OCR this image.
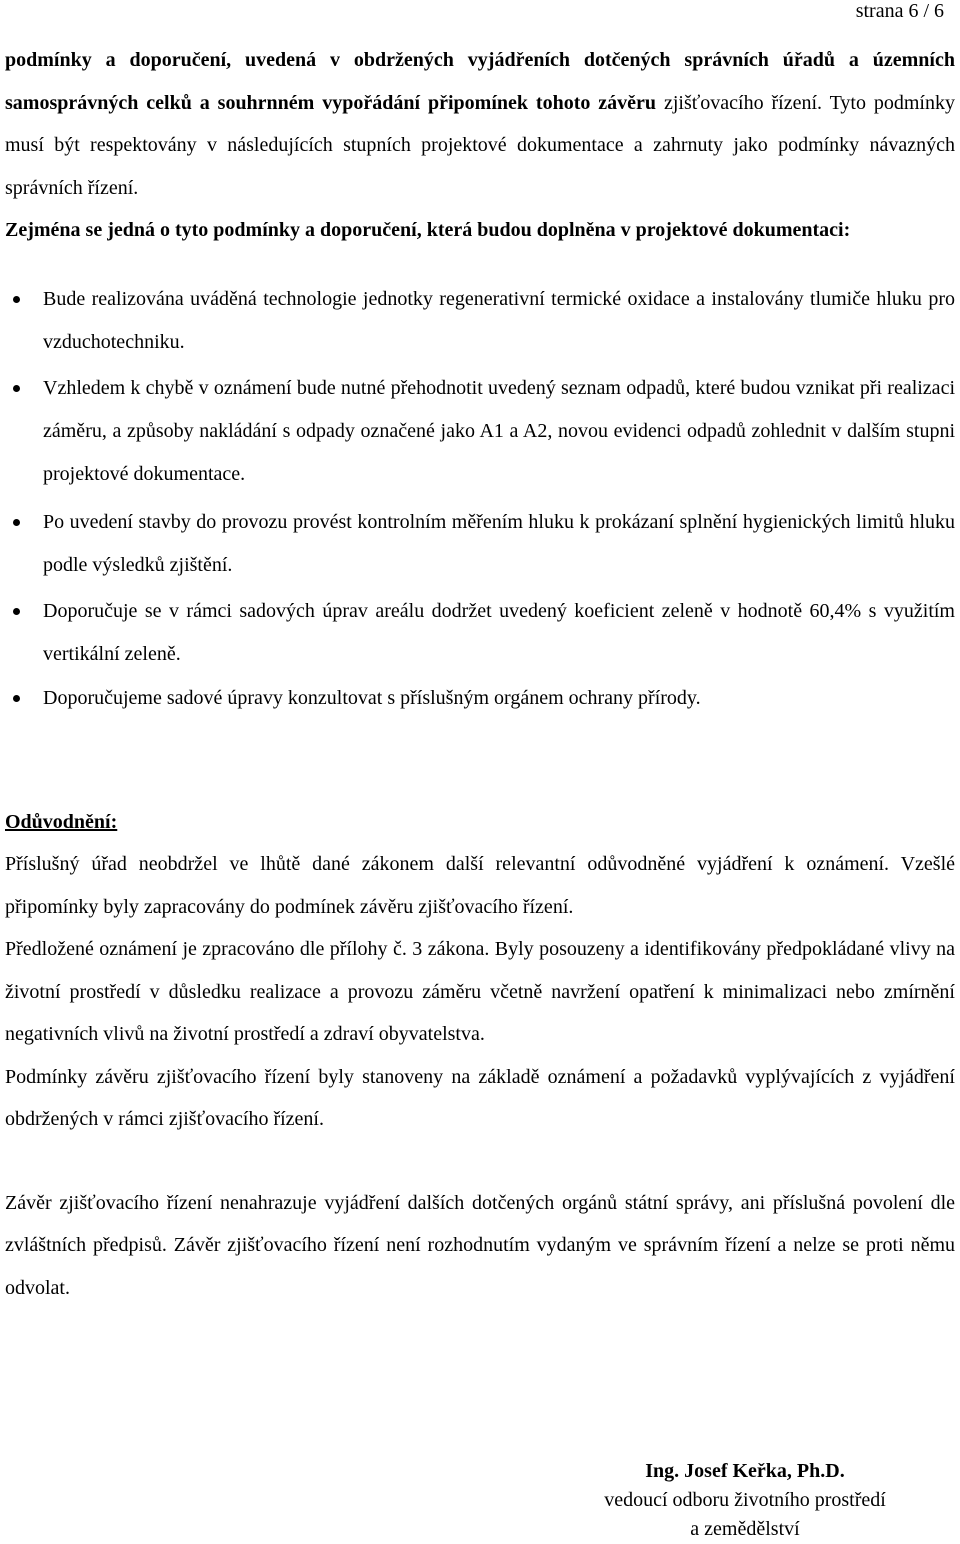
strana 6 / 6

podmínky a doporučení, uvedená v obdržených vyjádřeních dotčených správních úřadů a územních samosprávných celků a souhrnném vypořádání připomínek tohoto závěru zjišťovacího řízení. Tyto podmínky musí být respektovány v následujících stupních projektové dokumentace a zahrnuty jako podmínky návazných správních řízení.

Zejména se jedná o tyto podmínky a doporučení, která budou doplněna v projektové dokumentaci:

Bude realizována uváděná technologie jednotky regenerativní termické oxidace a instalovány tlumiče hluku pro vzduchotechniku.
Vzhledem k chybě v oznámení bude nutné přehodnotit uvedený seznam odpadů, které budou vznikat při realizaci záměru, a způsoby nakládání s odpady označené jako A1 a A2, novou evidenci odpadů zohlednit v dalším stupni projektové dokumentace.
Po uvedení stavby do provozu provést kontrolním měřením hluku k prokázaní splnění hygienických limitů hluku podle výsledků zjištění.
Doporučuje se v rámci sadových úprav areálu dodržet uvedený koeficient zeleně v hodnotě 60,4% s využitím vertikální zeleně.
Doporučujeme sadové úpravy konzultovat s příslušným orgánem ochrany přírody.

Odůvodnění:

Příslušný úřad neobdržel ve lhůtě dané zákonem další relevantní odůvodněné vyjádření k oznámení. Vzešlé připomínky byly zapracovány do podmínek závěru zjišťovacího řízení.

Předložené oznámení je zpracováno dle přílohy č. 3 zákona. Byly posouzeny a identifikovány předpokládané vlivy na životní prostředí v důsledku realizace a provozu záměru včetně navržení opatření k minimalizaci nebo zmírnění negativních vlivů na životní prostředí a zdraví obyvatelstva.

Podmínky závěru zjišťovacího řízení byly stanoveny na základě oznámení a požadavků vyplývajících z vyjádření obdržených v rámci zjišťovacího řízení.

Závěr zjišťovacího řízení nenahrazuje vyjádření dalších dotčených orgánů státní správy, ani příslušná povolení dle zvláštních předpisů. Závěr zjišťovacího řízení není rozhodnutím vydaným ve správním řízení a nelze se proti němu odvolat.

Ing. Josef Keřka, Ph.D.
vedoucí odboru životního prostředí
a zemědělství
